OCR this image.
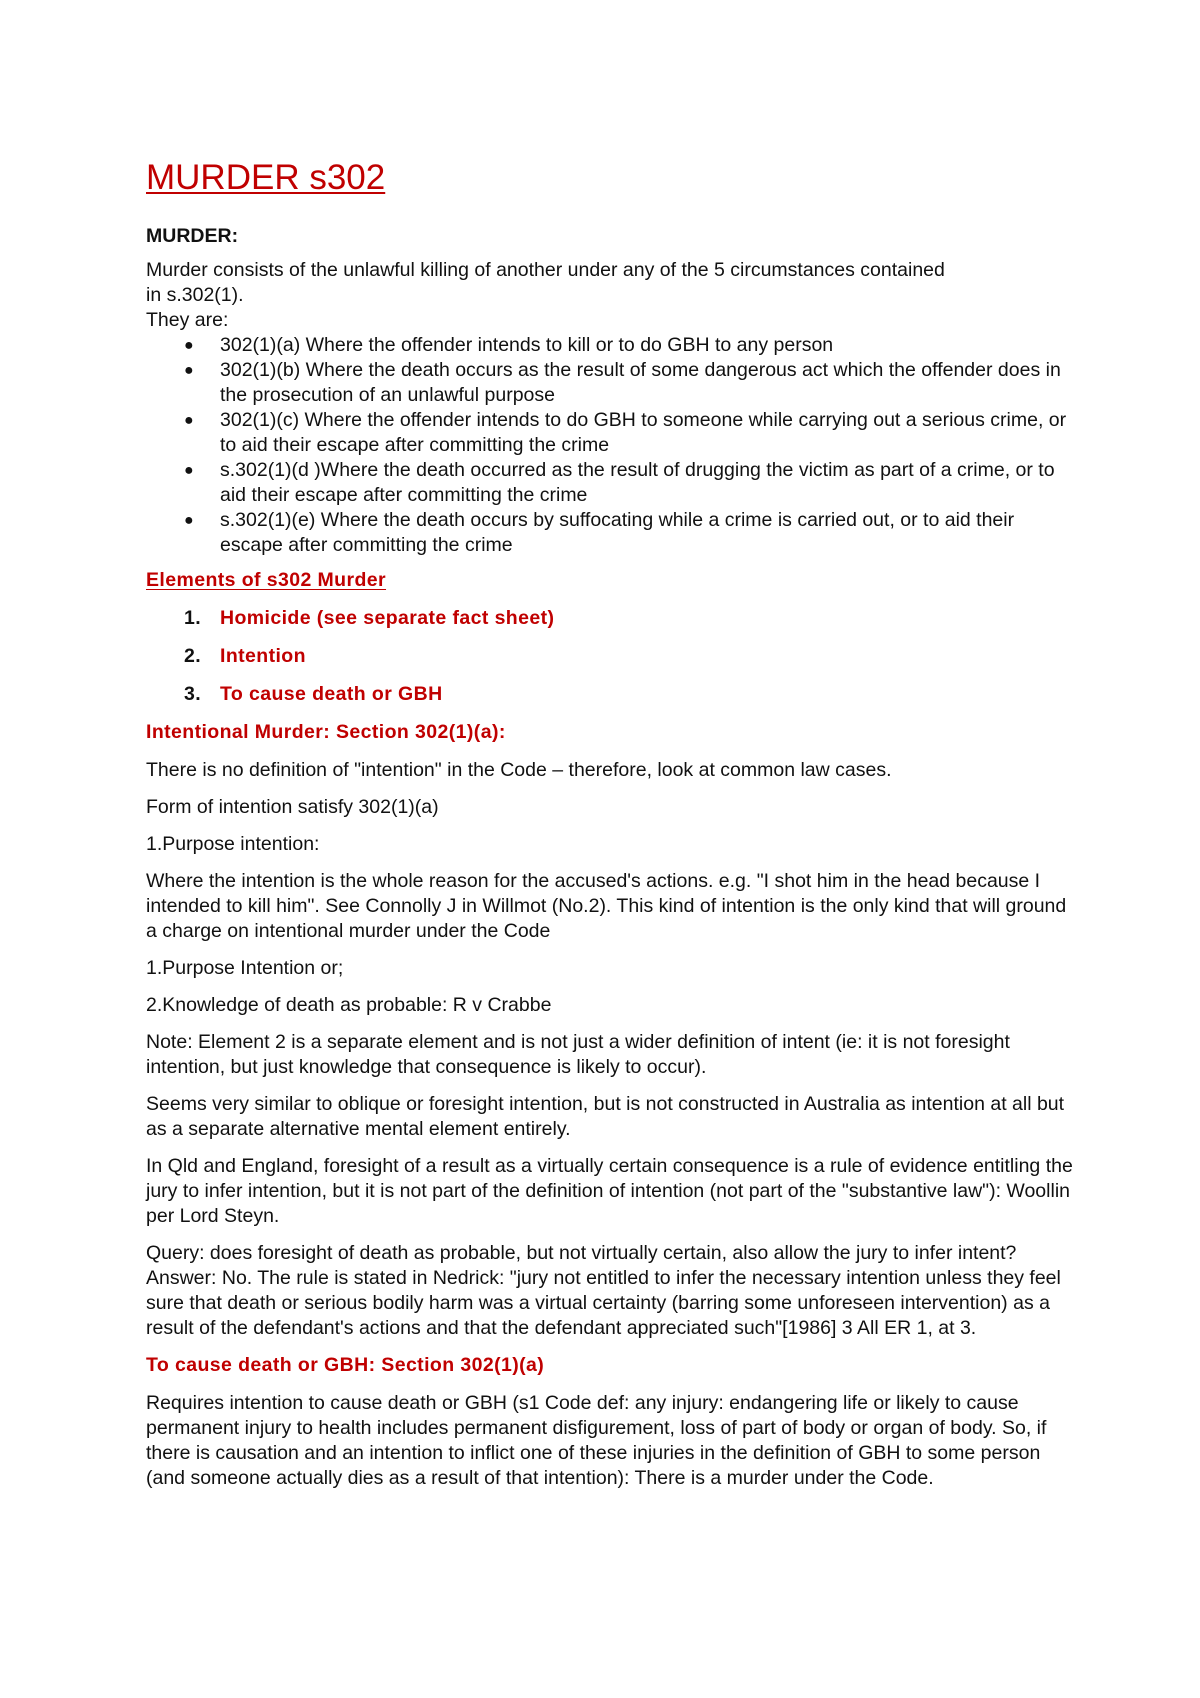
MURDER s302
MURDER:

Murder consists of the unlawful killing of another under any of the 5 circumstances contained

in s.302(1).

They are:

● 302(1)(a) Where the offender intends to kill or to do GBH to any person
● 302(1)(b) Where the death occurs as the result of some dangerous act which the offender does in the prosecution of an unlawful purpose
● 302(1)(c) Where the offender intends to do GBH to someone while carrying out a serious crime, or to aid their escape after committing the crime
● s.302(1)(d )Where the death occurred as the result of drugging the victim as part of a crime, or to aid their escape after committing the crime
● s.302(1)(e) Where the death occurs by suffocating while a crime is carried out, or to aid their escape after committing the crime
Elements of s302 Murder
1. Homicide (see separate fact sheet)
2. Intention
3. To cause death or GBH
Intentional Murder: Section 302(1)(a):

There is no definition of "intention" in the Code – therefore, look at common law cases.

Form of intention satisfy 302(1)(a)

1.Purpose intention:

Where the intention is the whole reason for the accused's actions. e.g. "I shot him in the head because I intended to kill him". See Connolly J in Willmot (No.2). This kind of intention is the only kind that will ground a charge on intentional murder under the Code

1.Purpose Intention or;

2.Knowledge of death as probable: R v Crabbe

Note: Element 2 is a separate element and is not just a wider definition of intent (ie: it is not foresight intention, but just knowledge that consequence is likely to occur).

Seems very similar to oblique or foresight intention, but is not constructed in Australia as intention at all but as a separate alternative mental element entirely.

In Qld and England, foresight of a result as a virtually certain consequence is a rule of evidence entitling the jury to infer intention, but it is not part of the definition of intention (not part of the "substantive law"): Woollin per Lord Steyn.

Query: does foresight of death as probable, but not virtually certain, also allow the jury to infer intent? Answer: No. The rule is stated in Nedrick: "jury not entitled to infer the necessary intention unless they feel sure that death or serious bodily harm was a virtual certainty (barring some unforeseen intervention) as a result of the defendant's actions and that the defendant appreciated such"[1986] 3 All ER 1, at 3.

To cause death or GBH: Section 302(1)(a)

Requires intention to cause death or GBH (s1 Code def: any injury: endangering life or likely to cause permanent injury to health includes permanent disfigurement, loss of part of body or organ of body. So, if there is causation and an intention to inflict one of these injuries in the definition of GBH to some person (and someone actually dies as a result of that intention): There is a murder under the Code.
